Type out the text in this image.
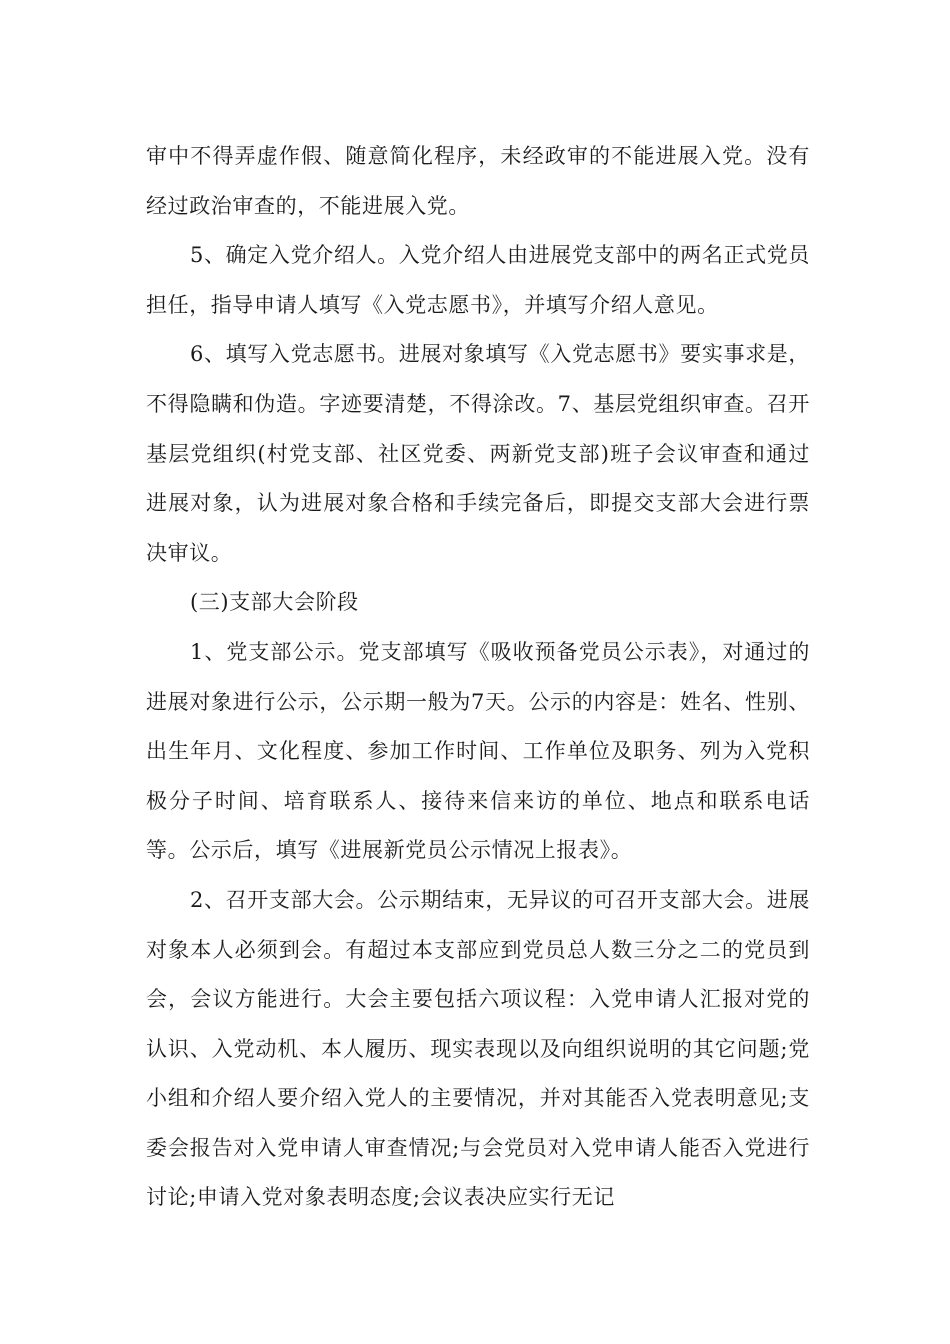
审中不得弄虚作假、随意简化程序，未经政审的不能进展入党。没有经过政治审查的，不能进展入党。

5、确定入党介绍人。入党介绍人由进展党支部中的两名正式党员担任，指导申请人填写《入党志愿书》，并填写介绍人意见。

6、填写入党志愿书。进展对象填写《入党志愿书》要实事求是，不得隐瞒和伪造。字迹要清楚，不得涂改。7、基层党组织审查。召开基层党组织(村党支部、社区党委、两新党支部)班子会议审查和通过进展对象，认为进展对象合格和手续完备后，即提交支部大会进行票决审议。

(三)支部大会阶段

1、党支部公示。党支部填写《吸收预备党员公示表》，对通过的进展对象进行公示，公示期一般为7天。公示的内容是：姓名、性别、出生年月、文化程度、参加工作时间、工作单位及职务、列为入党积极分子时间、培育联系人、接待来信来访的单位、地点和联系电话等。公示后，填写《进展新党员公示情况上报表》。

2、召开支部大会。公示期结束，无异议的可召开支部大会。进展对象本人必须到会。有超过本支部应到党员总人数三分之二的党员到会，会议方能进行。大会主要包括六项议程：入党申请人汇报对党的认识、入党动机、本人履历、现实表现以及向组织说明的其它问题;党小组和介绍人要介绍入党人的主要情况，并对其能否入党表明意见;支委会报告对入党申请人审查情况;与会党员对入党申请人能否入党进行讨论;申请入党对象表明态度;会议表决应实行无记
